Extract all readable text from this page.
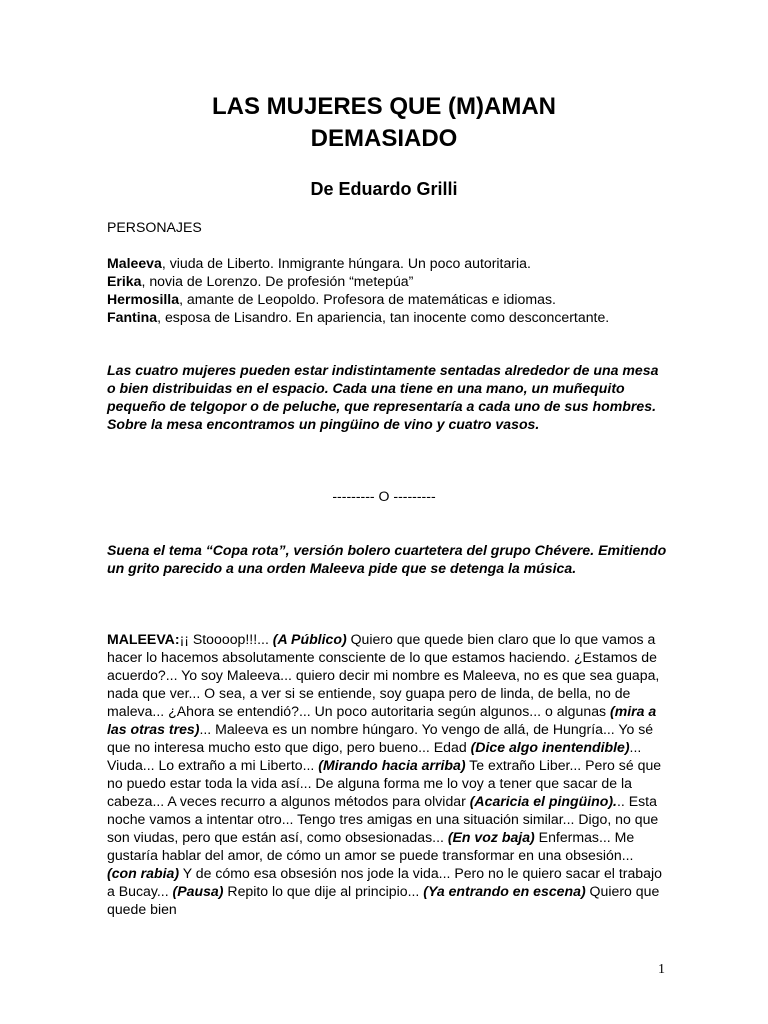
LAS MUJERES QUE (M)AMAN
DEMASIADO
De Eduardo Grilli
PERSONAJES
Maleeva, viuda de Liberto. Inmigrante húngara. Un poco autoritaria.
Erika, novia de Lorenzo. De profesión “metepúa”
Hermosilla, amante de Leopoldo. Profesora de matemáticas e idiomas.
Fantina, esposa de Lisandro. En apariencia, tan inocente como desconcertante.
Las cuatro mujeres pueden estar indistintamente sentadas alrededor de una mesa o bien distribuidas en el espacio. Cada una tiene en una mano, un muñequito pequeño de telgopor o de peluche, que representaría a cada uno de sus hombres. Sobre la mesa encontramos un pingüino de vino y cuatro vasos.
--------- O ---------
Suena el tema “Copa rota”, versión bolero cuartetera del grupo Chévere. Emitiendo un grito parecido a una orden Maleeva pide que se detenga la música.
MALEEVA:¡¡ Stoooop!!!... (A Público) Quiero que quede bien claro que lo que vamos a hacer lo hacemos absolutamente consciente de lo que estamos haciendo. ¿Estamos de acuerdo?... Yo soy Maleeva... quiero decir mi nombre es Maleeva, no es que sea guapa, nada que ver... O sea, a ver si se entiende, soy guapa pero de linda, de bella, no de maleva... ¿Ahora se entendió?... Un poco autoritaria según algunos... o algunas (mira a las otras tres)... Maleeva es un nombre húngaro. Yo vengo de allá, de Hungría... Yo sé que no interesa mucho esto que digo, pero bueno... Edad (Dice algo inentendible)... Viuda... Lo extraño a mi Liberto... (Mirando hacia arriba) Te extraño Liber... Pero sé que no puedo estar toda la vida así... De alguna forma me lo voy a tener que sacar de la cabeza... A veces recurro a algunos métodos para olvidar (Acaricia el pingüino)... Esta noche vamos a intentar otro... Tengo tres amigas en una situación similar... Digo, no que son viudas, pero que están así, como obsesionadas... (En voz baja) Enfermas... Me gustaría hablar del amor, de cómo un amor se puede transformar en una obsesión... (con rabia) Y de cómo esa obsesión nos jode la vida... Pero no le quiero sacar el trabajo a Bucay... (Pausa) Repito lo que dije al principio... (Ya entrando en escena) Quiero que quede bien
1
